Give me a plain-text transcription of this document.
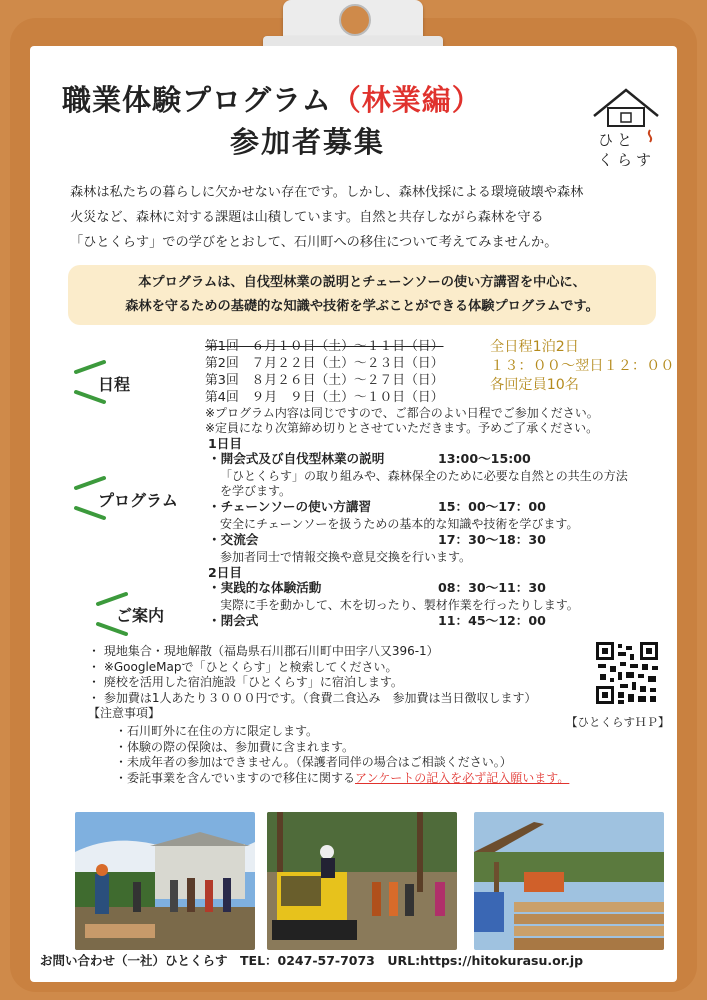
職業体験プログラム（林業編）
参加者募集	ひと
くらす
森林は私たちの暮らしに欠かせない存在です。しかし、森林伐採による環境破壊や森林
火災など、森林に対する課題は山積しています。自然と共存しながら森林を守る
「ひとくらす」での学びをとおして、石川町への移住について考えてみませんか。
本プログラムは、自伐型林業の説明とチェーンソーの使い方講習を中心に、
森林を守るための基礎的な知識や技術を学ぶことができる体験プログラムです。
日程
プログラム
ご案内
第1回　６月１０日（土）～１１日（日）
第2回　７月２２日（土）～２３日（日）
第3回　８月２６日（土）～２７日（日）
第4回　９月　９日（土）～１０日（日）
全日程1泊2日
１３：００～翌日１２：００
各回定員10名
※プログラム内容は同じですので、ご都合のよい日程でご参加ください。
※定員になり次第締め切りとさせていただきます。予めご了承ください。
1日目
・開会式及び自伐型林業の説明	13:00～15:00
「ひとくらす」の取り組みや、森林保全のために必要な自然との共生の方法
を学びます。
・チェーンソーの使い方講習	15：00～17：00
安全にチェーンソーを扱うための基本的な知識や技術を学びます。
・交流会	17：30～18：30
参加者同士で情報交換や意見交換を行います。
2日目
・実践的な体験活動	08：30～11：30
実際に手を動かして、木を切ったり、製材作業を行ったりします。
・閉会式	11：45～12：00
・ 現地集合・現地解散（福島県石川郡石川町中田字八又396-1）
・ ※GoogleMapで「ひとくらす」と検索してください。
・ 廃校を活用した宿泊施設「ひとくらす」に宿泊します。
・ 参加費は1人あたり３０００円です。（食費二食込み　参加費は当日徴収します）
【注意事項】
・石川町外に在住の方に限定します。
・体験の際の保険は、参加費に含まれます。
・未成年者の参加はできません。（保護者同伴の場合はご相談ください。）
・委託事業を含んでいますので移住に関するアンケートの記入を必ず記入願います。
【ひとくらすＨＰ】
お問い合わせ（一社）ひとくらす　TEL：0247-57-7073　URL:https://hitokurasu.or.jp
